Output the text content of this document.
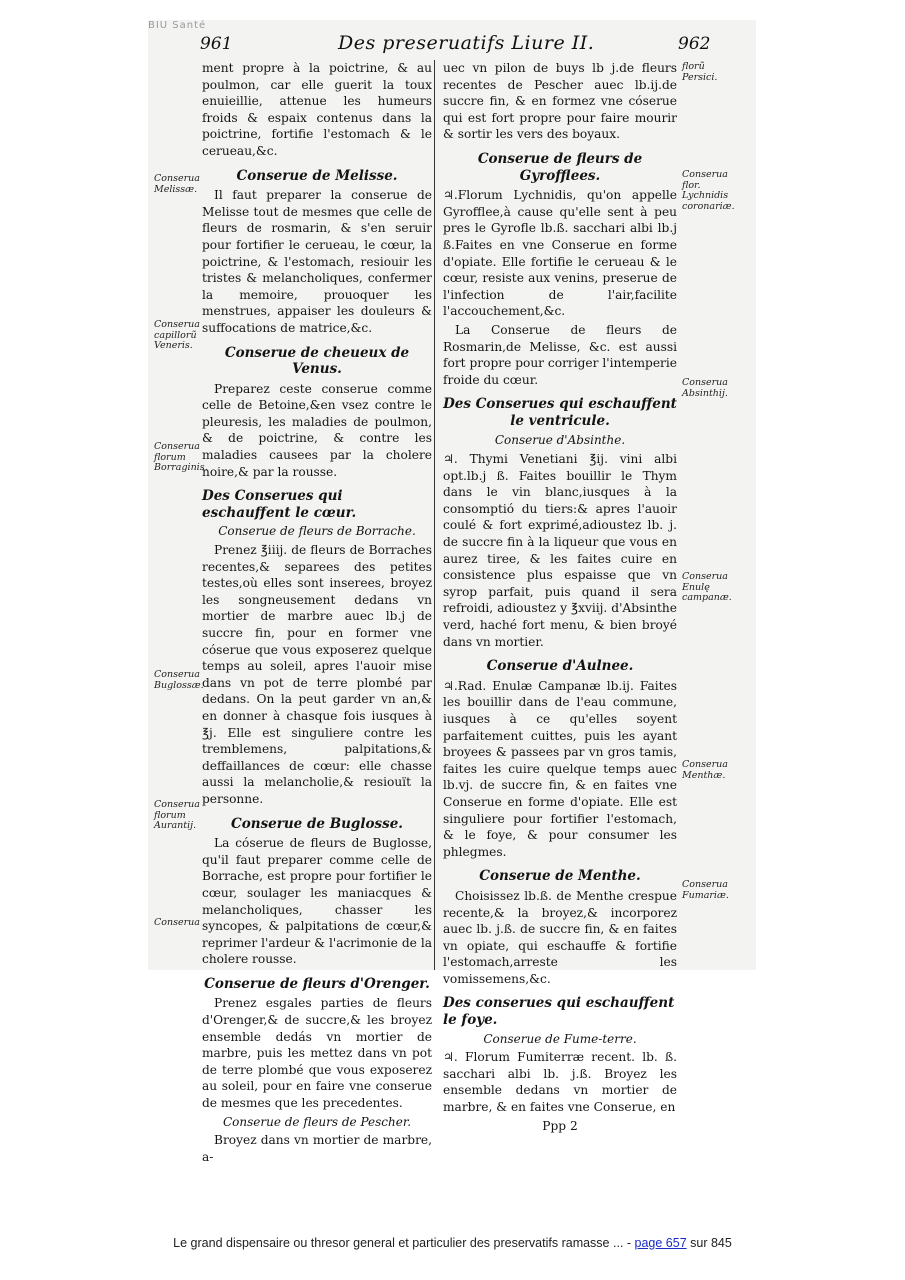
BIU Santé
961	Des preseruatifs Liure II.	962

ment propre à la poictrine, & au poulmon, car elle guerit la toux enuieillie, attenue les humeurs froids & espaix contenus dans la poictrine, fortifie l'estomach & le cerueau,&c.

Conserue de Melisse.

Il faut preparer la conserue de Melisse tout de mesmes que celle de fleurs de rosmarin, & s'en seruir pour fortifier le cerueau, le cœur, la poictrine, & l'estomach, resiouir les tristes & melancholiques, confermer la memoire, prouoquer les menstrues, appaiser les douleurs & suffocations de matrice,&c.

Conserue de cheueux de Venus.

Preparez ceste conserue comme celle de Betoine,&en vsez contre le pleuresis, les maladies de poulmon, & de poictrine, & contre les maladies causees par la cholere noire,& par la rousse.

Des Conserues qui eschauffent le cœur.
Conserue de fleurs de Borrache.

Prenez ℥iiij. de fleurs de Borraches recentes,& separees des petites testes,où elles sont inserees, broyez les songneusement dedans vn mortier de marbre auec lb.j de succre fin, pour en former vne cóserue que vous exposerez quelque temps au soleil, apres l'auoir mise dans vn pot de terre plombé par dedans. On la peut garder vn an,& en donner à chasque fois iusques à ℥j. Elle est singuliere contre les tremblemens, palpitations,& deffaillances de cœur: elle chasse aussi la melancholie,& resiouït la personne.

Conserue de Buglosse.

La cóserue de fleurs de Buglosse, qu'il faut preparer comme celle de Borrache, est propre pour fortifier le cœur, soulager les maniacques & melancholiques, chasser les syncopes, & palpitations de cœur,& reprimer l'ardeur & l'acrimonie de la cholere rousse.

Conserue de fleurs d'Orenger.

Prenez esgales parties de fleurs d'Orenger,& de succre,& les broyez ensemble dedás vn mortier de marbre, puis les mettez dans vn pot de terre plombé que vous exposerez au soleil, pour en faire vne conserue de mesmes que les precedentes.

Conserue de fleurs de Pescher.

Broyez dans vn mortier de marbre, a-

uec vn pilon de buys lb j.de fleurs recentes de Pescher auec lb.ij.de succre fin, & en formez vne cóserue qui est fort propre pour faire mourir & sortir les vers des boyaux.

Conserue de fleurs de Gyrofflees.

♃.Florum Lychnidis, qu'on appelle Gyrofflee,à cause qu'elle sent à peu pres le Gyrofle lb.ß. sacchari albi lb.j ß.Faites en vne Conserue en forme d'opiate. Elle fortifie le cerueau & le cœur, resiste aux venins, preserue de l'infection de l'air,facilite l'accouchement,&c.

La Conserue de fleurs de Rosmarin,de Melisse, &c. est aussi fort propre pour corriger l'intemperie froide du cœur.

Des Conserues qui eschauffent le ventricule.
Conserue d'Absinthe.

♃. Thymi Venetiani ℥ij. vini albi opt.lb.j ß. Faites bouillir le Thym dans le vin blanc,iusques à la consomptió du tiers:& apres l'auoir coulé & fort exprimé,adioustez lb. j. de succre fin à la liqueur que vous en aurez tiree, & les faites cuire en consistence plus espaisse que vn syrop parfait, puis quand il sera refroidi, adioustez y ℥xviij. d'Absinthe verd, haché fort menu, & bien broyé dans vn mortier.

Conserue d'Aulnee.

♃.Rad. Enulæ Campanæ lb.ij. Faites les bouillir dans de l'eau commune, iusques à ce qu'elles soyent parfaitement cuittes, puis les ayant broyees & passees par vn gros tamis, faites les cuire quelque temps auec lb.vj. de succre fin, & en faites vne Conserue en forme d'opiate. Elle est singuliere pour fortifier l'estomach, & le foye, & pour consumer les phlegmes.

Conserue de Menthe.

Choisissez lb.ß. de Menthe crespue recente,& la broyez,& incorporez auec lb. j.ß. de succre fin, & en faites vn opiate, qui eschauffe & fortifie l'estomach,arreste les vomissemens,&c.

Des conserues qui eschauffent le foye.
Conserue de Fume-terre.

♃. Florum Fumiterræ recent. lb. ß. sacchari albi lb. j.ß. Broyez les ensemble dedans vn mortier de marbre, & en faites vne Conserue, en

Ppp 2
Conserua Melissæ.
Conserua capillorũ Veneris.
Conserua florum Borraginis.
Conserua Buglossæ.
Conserua florum Aurantij.
Conserua
florũ Persici.
Conserua flor. Lychnidis coronariæ.
Conserua Absinthij.
Conserua Enulę campanæ.
Conserua Menthæ.
Conserua Fumariæ.
Le grand dispensaire ou thresor general et particulier des preservatifs ramasse ... - page 657 sur 845
